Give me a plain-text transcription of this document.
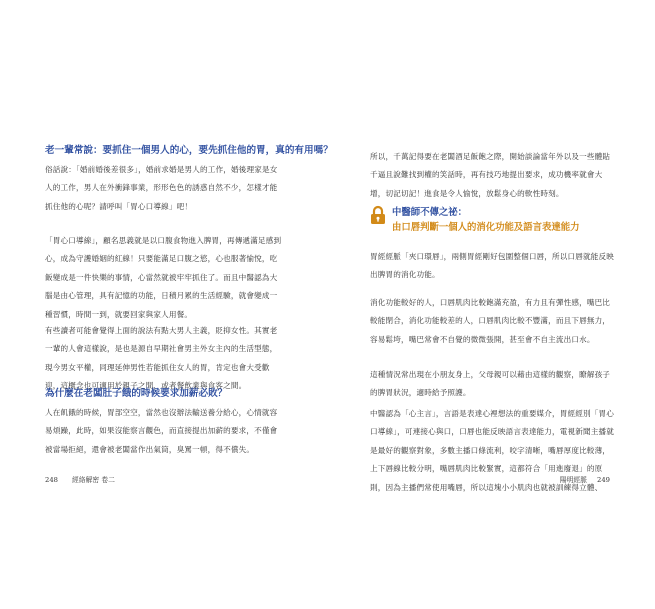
老一輩常說：要抓住一個男人的心，要先抓住他的胃，真的有用嗎？

俗話說：「婚前婚後差很多」，婚前求婚是男人的工作，婚後理家是女人的工作，男人在外衝鋒事業，形形色色的誘惑自然不少，怎樣才能抓住他的心呢？請呼叫「胃心口導線」吧！

「胃心口導線」，顧名思義就是以口腹食物進入脾胃，再傳遞滿足感到心，成為守護婚姻的紅線！只要能滿足口腹之慾，心也服著愉悅，吃飯變成是一件快樂的事情，心當然就被牢牢抓住了。而且中醫認為大腦是由心管理，具有記憶的功能，日積月累的生活經驗，就會變成一種習慣，時間一到，就要回家與家人用餐。

有些讀者可能會覺得上面的說法有點大男人主義，貶抑女性。其實老一輩的人會這樣說，是也是源自早期社會男主外女主內的生活型態，現今男女平權，同理延伸男性若能抓住女人的胃，肯定也會大受歡迎，這概念也可適用於親子之間，或者餐飲業與食客之間。

為什麼在老闆肚子餓的時候要求加薪必敗？

人在飢餓的時候，胃部空空，當然也沒辦法輸送養分給心，心情就容易煩躁，此時，如果沒能察言觀色，而直接提出加薪的要求，不僅會被當場拒絕，還會被老闆當作出氣筒，臭罵一頓，得不償失。

248 經絡解密 卷二

所以，千萬記得要在老闆酒足飯飽之際，開始談論當年外以及一些體貼千逼且說難找到權的笑話時，再有技巧地提出要求，成功機率就會大增，切記切記！進食是令人愉悅，放鬆身心的軟性時刻。

胃經經脈「夾口環唇」，兩側胃經剛好包圍整個口唇，所以口唇就能反映出脾胃的消化功能。

消化功能較好的人，口唇肌肉比較飽滿充盈，有力且有彈性感，嘴巴比較能閉合，消化功能較差的人，口唇肌肉比較不豐滿，而且下唇無力，容易鬆垮，嘴巴常會不自覺的微微張開，甚至會不自主流出口水。

這種情況常出現在小朋友身上，父母親可以藉由這樣的觀察，瞭解孩子的脾胃狀況，適時給予照護。

中醫認為「心主言」，言語是表達心裡想法的重要媒介，胃經經別「胃心口導線」，可連接心與口，口唇也能反映語言表達能力，電視新聞主播就是最好的觀察對象，多數主播口條流利，咬字清晰，嘴唇厚度比較薄，上下唇線比較分明，嘴唇肌肉比較緊實，這都符合「用進廢退」的原則，因為主播們常使用嘴唇，所以這塊小小肌肉也就被訓練得立體、

陽明經脈 249

中醫師不傳之祕：

由口唇判斷一個人的消化功能及語言表達能力
